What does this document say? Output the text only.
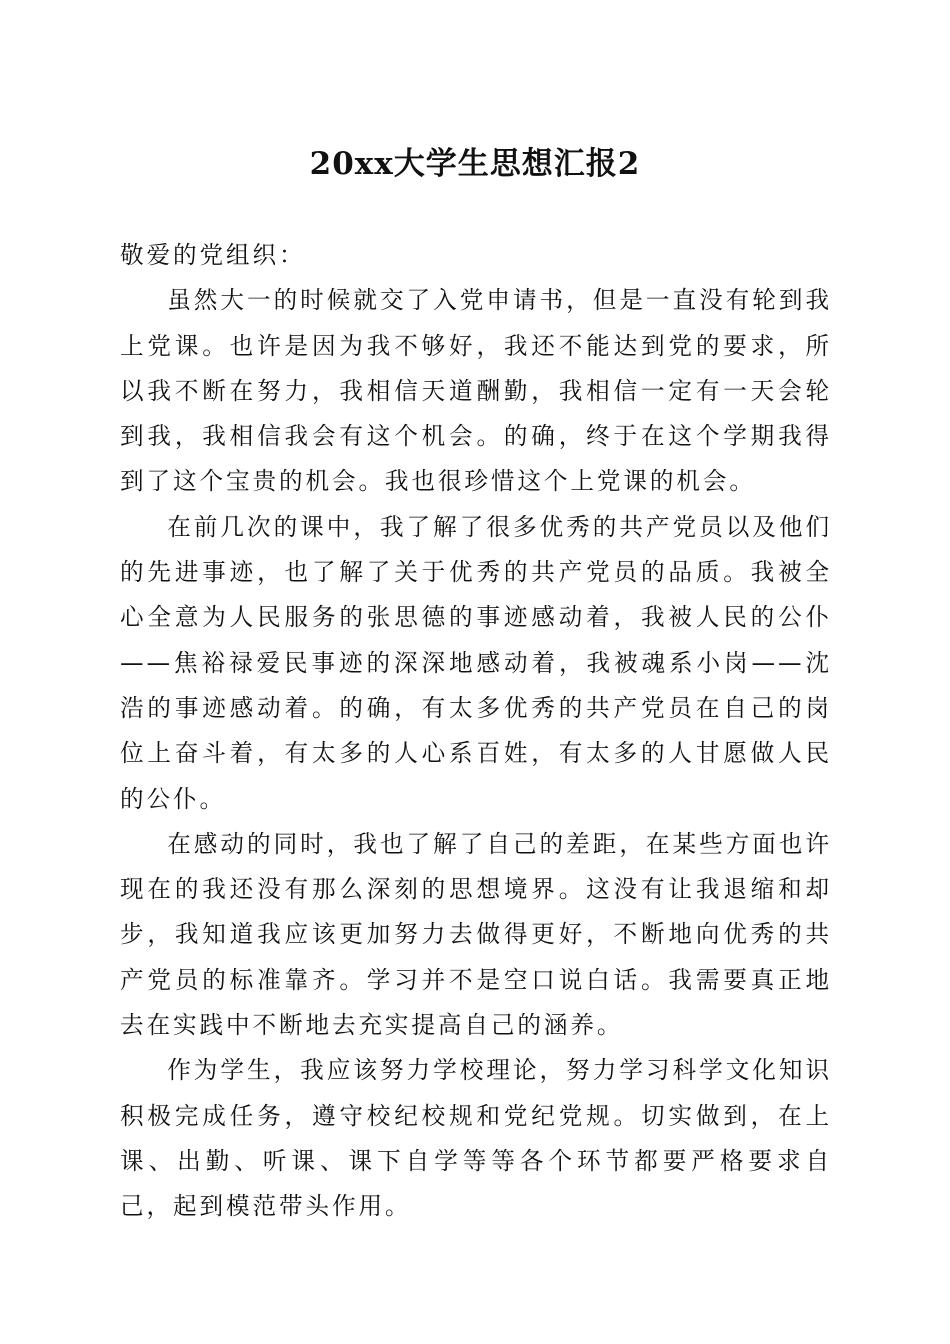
20xx大学生思想汇报2

敬爱的党组织：

虽然大一的时候就交了入党申请书，但是一直没有轮到我上党课。也许是因为我不够好，我还不能达到党的要求，所以我不断在努力，我相信天道酬勤，我相信一定有一天会轮到我，我相信我会有这个机会。的确，终于在这个学期我得到了这个宝贵的机会。我也很珍惜这个上党课的机会。

在前几次的课中，我了解了很多优秀的共产党员以及他们的先进事迹，也了解了关于优秀的共产党员的品质。我被全心全意为人民服务的张思德的事迹感动着，我被人民的公仆——焦裕禄爱民事迹的深深地感动着，我被魂系小岗——沈浩的事迹感动着。的确，有太多优秀的共产党员在自己的岗位上奋斗着，有太多的人心系百姓，有太多的人甘愿做人民的公仆。

在感动的同时，我也了解了自己的差距，在某些方面也许现在的我还没有那么深刻的思想境界。这没有让我退缩和却步，我知道我应该更加努力去做得更好，不断地向优秀的共产党员的标准靠齐。学习并不是空口说白话。我需要真正地去在实践中不断地去充实提高自己的涵养。

作为学生，我应该努力学校理论，努力学习科学文化知识积极完成任务，遵守校纪校规和党纪党规。切实做到，在上课、出勤、听课、课下自学等等各个环节都要严格要求自己，起到模范带头作用。
